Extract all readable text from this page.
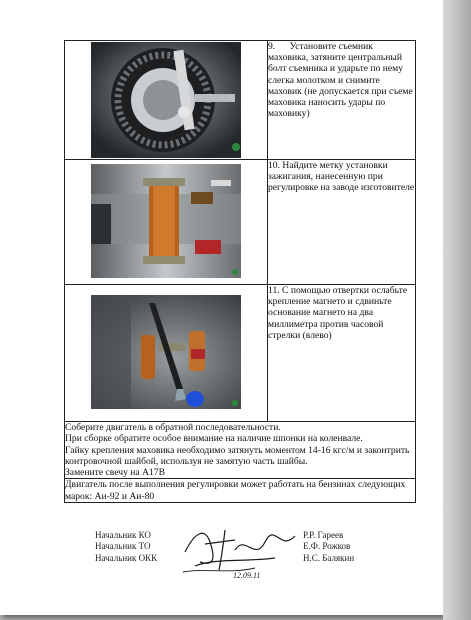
	9.      Установите съемник маховика, затяните центральный болт съемника и ударьте по нему слегка молотком и снимите маховик (не допускается при съеме маховика наносить удары по маховику)

	10. Найдите метку установки зажигания, нанесенную при регулировке на заводе изготовителе

	11. С помощью отвертки ослабьте крепление магнето и сдвиньте основание магнето на два миллиметра против часовой стрелки (влево)

Соберите двигатель в обратной последовательности.
При сборке обратите особое внимание на наличие шпонки на коленвале.
Гайку крепления маховика необходимо затянуть моментом 14-16 кгс/м и законтрить контровочной шайбой, используя не замятую часть шайбы.
Замените свечу на А17В	

Двигатель после выполнения регулировки может работать на бензинах следующих марок: Аи-92 и Аи-80	
Начальник КО
Начальник ТО
Начальник ОКК
12.09.11
Р.Р. Гареев
Е.Ф. Рожков
Н.С. Балякин
